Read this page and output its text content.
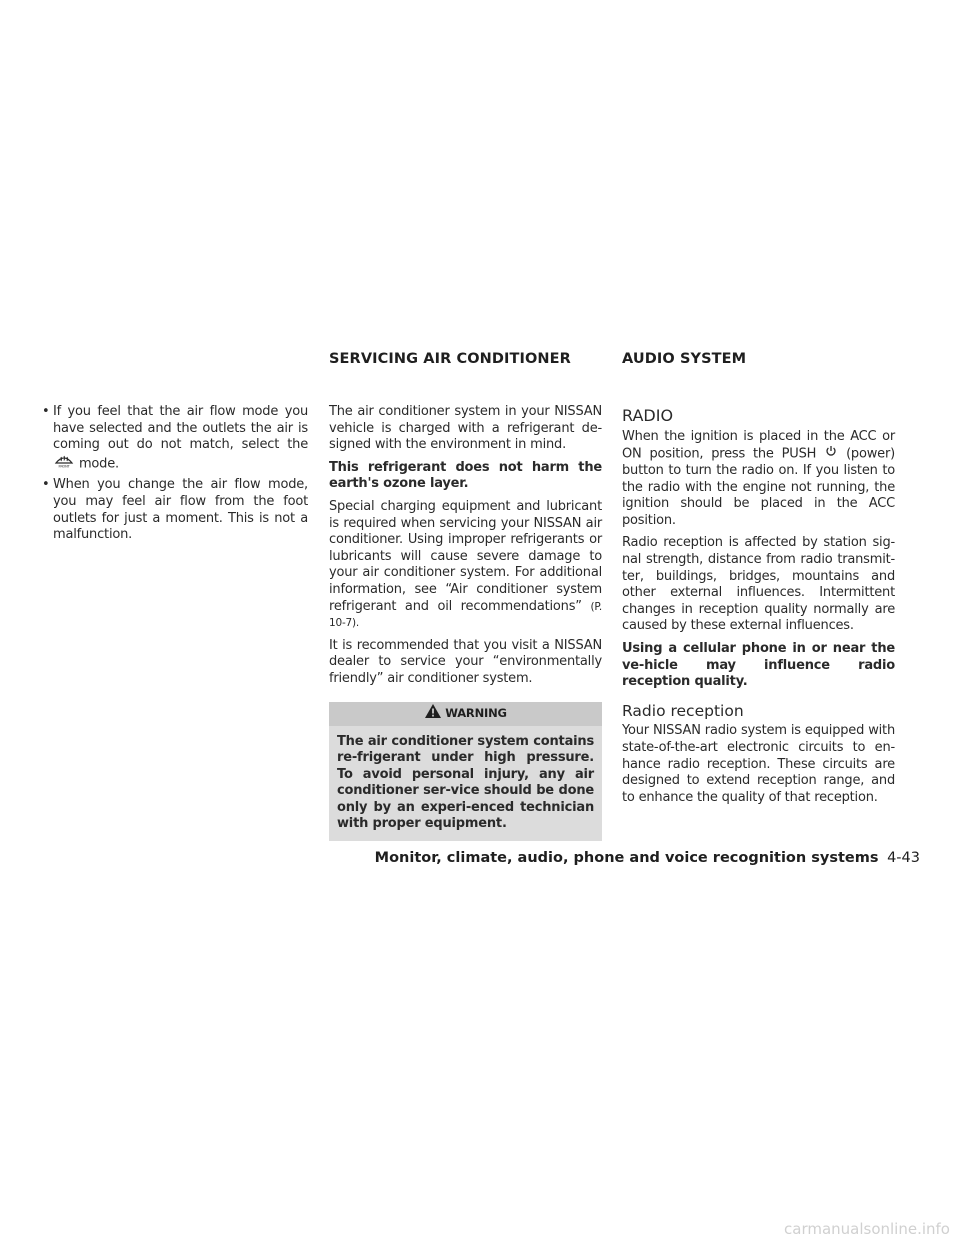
SERVICING AIR CONDITIONER	AUDIO SYSTEM
• If you feel that the air flow mode you have selected and the outlets the air is coming out do not match, select the
FRONT mode.
• When you change the air flow mode, you may feel air flow from the foot outlets for just a moment. This is not a malfunction.

The air conditioner system in your NISSAN vehicle is charged with a refrigerant de-signed with the environment in mind.

This refrigerant does not harm the earth's ozone layer.

Special charging equipment and lubricant is required when servicing your NISSAN air conditioner. Using improper refrigerants or lubricants will cause severe damage to your air conditioner system. For additional information, see “Air conditioner system refrigerant and oil recommendations” (P. 10-7).

It is recommended that you visit a NISSAN dealer to service your “environmentally friendly” air conditioner system.

WARNING
The air conditioner system contains re-frigerant under high pressure. To avoid personal injury, any air conditioner ser-vice should be done only by an experi-enced technician with proper equipment.
RADIO

When the ignition is placed in the ACC or ON position, press the PUSH (power) button to turn the radio on. If you listen to the radio with the engine not running, the ignition should be placed in the ACC position.

Radio reception is affected by station sig-nal strength, distance from radio transmit-ter, buildings, bridges, mountains and other external influences. Intermittent changes in reception quality normally are caused by these external influences.

Using a cellular phone in or near the ve-hicle may influence radio reception quality.

Radio reception

Your NISSAN radio system is equipped with state-of-the-art electronic circuits to en-hance radio reception. These circuits are designed to extend reception range, and to enhance the quality of that reception.

Monitor, climate, audio, phone and voice recognition systems 4-43
carmanualsonline.info
